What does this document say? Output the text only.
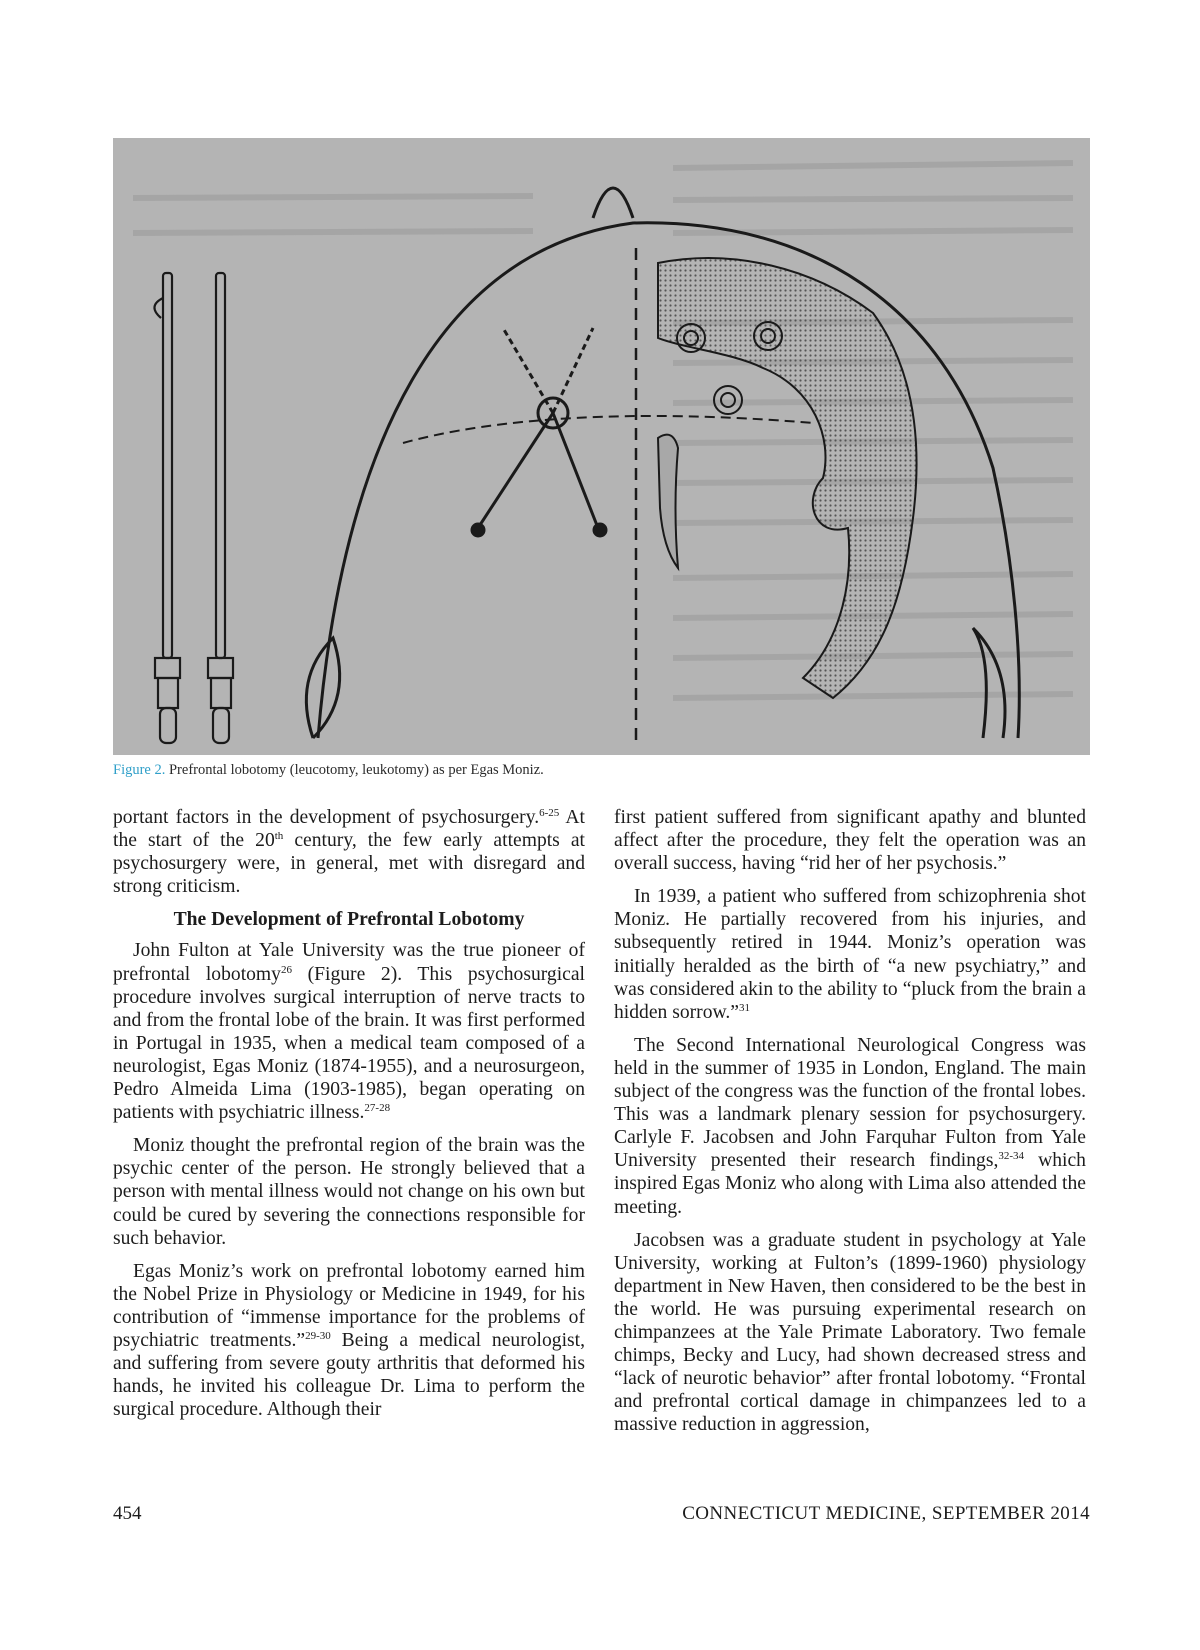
Figure 2. Prefrontal lobotomy (leucotomy, leukotomy) as per Egas Moniz.

portant factors in the development of psychosurgery.$^{6-25}$ At the start of the 20th century, the few early attempts at psychosurgery were, in general, met with disregard and strong criticism.

The Development of Prefrontal Lobotomy

John Fulton at Yale University was the true pioneer of prefrontal lobotomy$^{26}$ (Figure 2). This psychosurgical procedure involves surgical interruption of nerve tracts to and from the frontal lobe of the brain. It was first performed in Portugal in 1935, when a medical team composed of a neurologist, Egas Moniz (1874-1955), and a neurosurgeon, Pedro Almeida Lima (1903-1985), began operating on patients with psychiatric illness.$^{27-28}$

Moniz thought the prefrontal region of the brain was the psychic center of the person. He strongly believed that a person with mental illness would not change on his own but could be cured by severing the connections responsible for such behavior.

Egas Moniz’s work on prefrontal lobotomy earned him the Nobel Prize in Physiology or Medicine in 1949, for his contribution of “immense importance for the problems of psychiatric treatments.”$^{29-30}$ Being a medical neurologist, and suffering from severe gouty arthritis that deformed his hands, he invited his colleague Dr. Lima to perform the surgical procedure. Although their

first patient suffered from significant apathy and blunted affect after the procedure, they felt the operation was an overall success, having “rid her of her psychosis.”

In 1939, a patient who suffered from schizophrenia shot Moniz. He partially recovered from his injuries, and subsequently retired in 1944. Moniz’s operation was initially heralded as the birth of “a new psychiatry,” and was considered akin to the ability to “pluck from the brain a hidden sorrow.”$^{31}$

The Second International Neurological Congress was held in the summer of 1935 in London, England. The main subject of the congress was the function of the frontal lobes. This was a landmark plenary session for psychosurgery. Carlyle F. Jacobsen and John Farquhar Fulton from Yale University presented their research findings,$^{32-34}$ which inspired Egas Moniz who along with Lima also attended the meeting.

Jacobsen was a graduate student in psychology at Yale University, working at Fulton’s (1899-1960) physiology department in New Haven, then considered to be the best in the world. He was pursuing experimental research on chimpanzees at the Yale Primate Laboratory. Two female chimps, Becky and Lucy, had shown decreased stress and “lack of neurotic behavior” after frontal lobotomy. “Frontal and prefrontal cortical damage in chimpanzees led to a massive reduction in aggression,

454	CONNECTICUT MEDICINE, SEPTEMBER 2014
